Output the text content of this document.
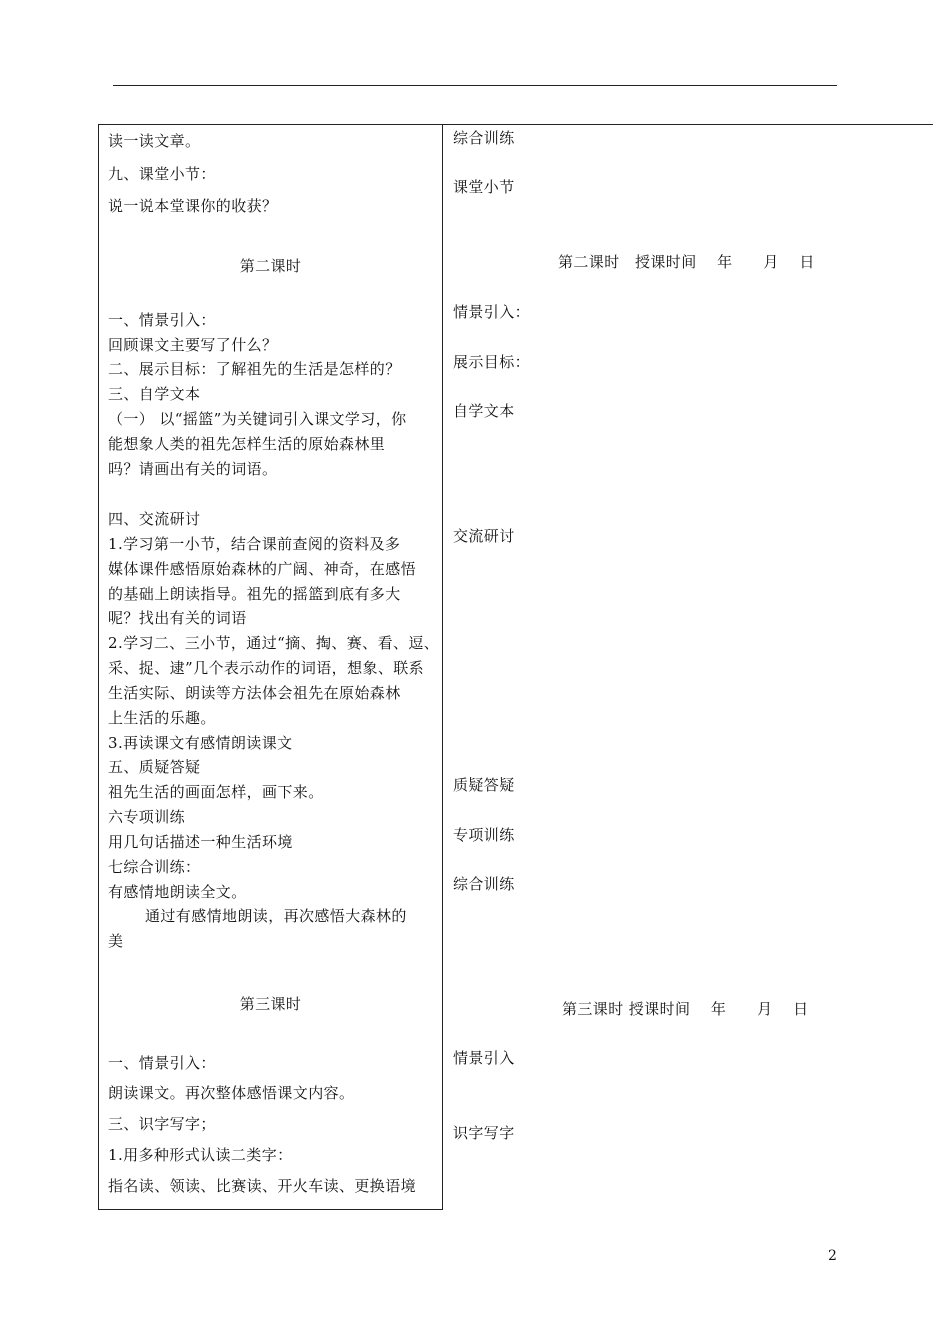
读一读文章。
九、课堂小节：
说一说本堂课你的收获？
第二课时
一、情景引入：
回顾课文主要写了什么？
二、展示目标：了解祖先的生活是怎样的？
三、自学文本
（一） 以“摇篮”为关键词引入课文学习，你
能想象人类的祖先怎样生活的原始森林里
吗？请画出有关的词语。
四、交流研讨
1.学习第一小节，结合课前查阅的资料及多
媒体课件感悟原始森林的广阔、神奇，在感悟
的基础上朗读指导。祖先的摇篮到底有多大
呢？找出有关的词语
2.学习二、三小节，通过“摘、掏、赛、看、逗、
采、捉、逮”几个表示动作的词语，想象、联系
生活实际、朗读等方法体会祖先在原始森林
上生活的乐趣。
3.再读课文有感情朗读课文
五、质疑答疑
祖先生活的画面怎样，画下来。
六专项训练
用几句话描述一种生活环境
七综合训练：
有感情地朗读全文。
通过有感情地朗读，再次感悟大森林的
美
第三课时
一、情景引入：
朗读课文。再次整体感悟课文内容。
三、识字写字；
1.用多种形式认读二类字：
指名读、领读、比赛读、开火车读、更换语境
综合训练
课堂小节
第二课时　授课时间　 年　　月　 日
情景引入：
展示目标：
自学文本
交流研讨
质疑答疑
专项训练
综合训练
第三课时 授课时间　 年　　月　 日
情景引入
识字写字
2
